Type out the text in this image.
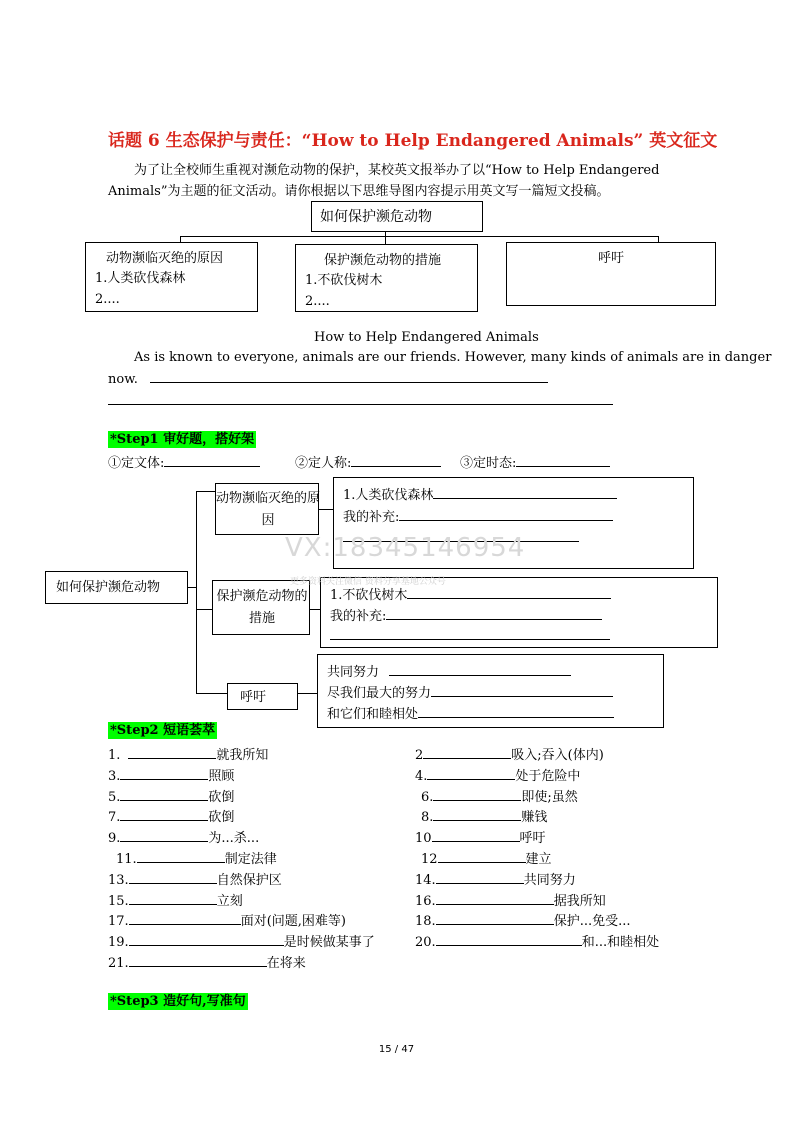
话题 6 生态保护与责任：“How to Help Endangered Animals” 英文征文
为了让全校师生重视对濒危动物的保护，某校英文报举办了以“How to Help Endangered
Animals”为主题的征文活动。请你根据以下思维导图内容提示用英文写一篇短文投稿。
如何保护濒危动物
动物濒临灭绝的原因
1.人类砍伐森林
2....
保护濒危动物的措施
1.不砍伐树木
2....
呼吁
How to Help Endangered Animals
As is known to everyone, animals are our friends. However, many kinds of animals are in danger
now.
*Step1 审好题，搭好架
①定文体:	②定人称:	③定时态:
如何保护濒危动物
动物濒临灭绝的原因
1.人类砍伐森林
我的补充:
保护濒危动物的措施
1.不砍伐树木
我的补充:
呼吁
共同努力
尽我们最大的努力
和它们和睦相处
VX:18345146954
更多资料关注微信 资料分享基地公众号
*Step2 短语荟萃
1.	就我所知
3.	照顾
5.	砍倒
7.	砍倒
9.	为...杀...
11.	制定法律
13.	自然保护区
15.	立刻
17.	面对(问题,困难等)
19.	是时候做某事了
21.	在将来
2	吸入;吞入(体内)
4.	处于危险中
6.	即使;虽然
8.	赚钱
10	呼吁
12	建立
14.	共同努力
16.	据我所知
18.	保护...免受...
20.	和...和睦相处
*Step3 造好句,写准句
15 / 47
